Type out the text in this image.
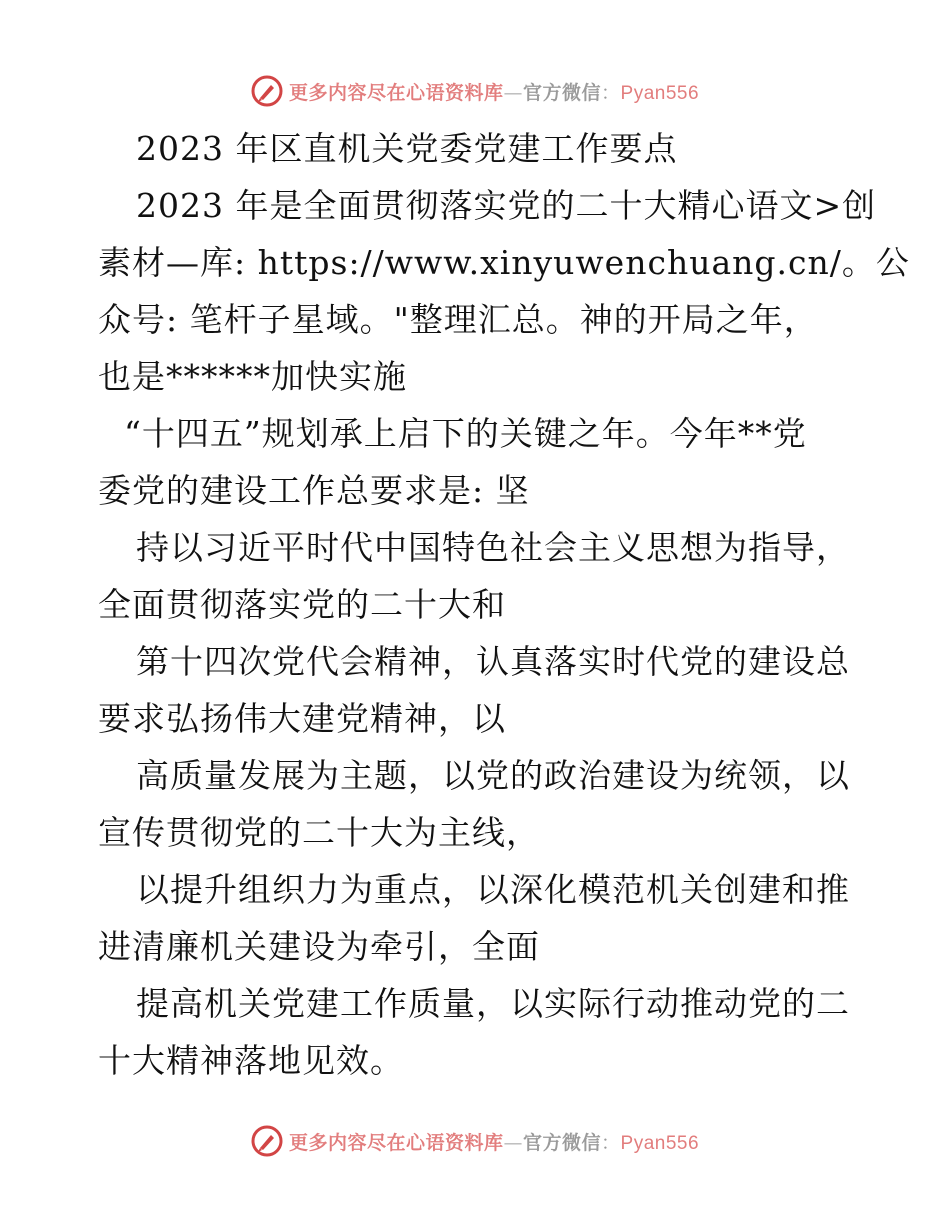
更多内容尽在心语资料库—官方微信：Pyan556
2023 年区直机关党委党建工作要点
2023 年是全面贯彻落实党的二十大精心语文>创
素材—库: https://www.xinyuwenchuang.cn/。公
众号: 笔杆子星域。"整理汇总。神的开局之年，
也是******加快实施
“十四五”规划承上启下的关键之年。今年**党
委党的建设工作总要求是: 坚
持以习近平时代中国特色社会主义思想为指导，
全面贯彻落实党的二十大和
第十四次党代会精神，认真落实时代党的建设总
要求弘扬伟大建党精神，以
高质量发展为主题，以党的政治建设为统领，以
宣传贯彻党的二十大为主线，
以提升组织力为重点，以深化模范机关创建和推
进清廉机关建设为牵引，全面
提高机关党建工作质量，以实际行动推动党的二
十大精神落地见效。
更多内容尽在心语资料库—官方微信：Pyan556
